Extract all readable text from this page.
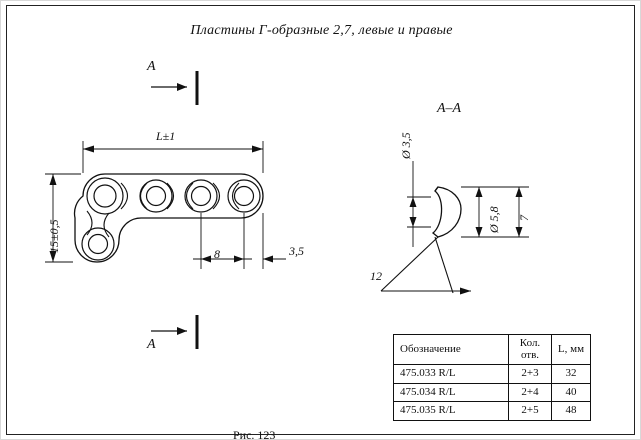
Пластины Г-образные 2,7, левые и правые
А
А
А–А
L±1
15±0,5
8	3,5
Ø 3,5
Ø 5,8 7
12
Обозначение	Кол. отв.	L, мм
475.033 R/L	2+3	32
475.034 R/L	2+4	40
475.035 R/L	2+5	48
Рис. 123
